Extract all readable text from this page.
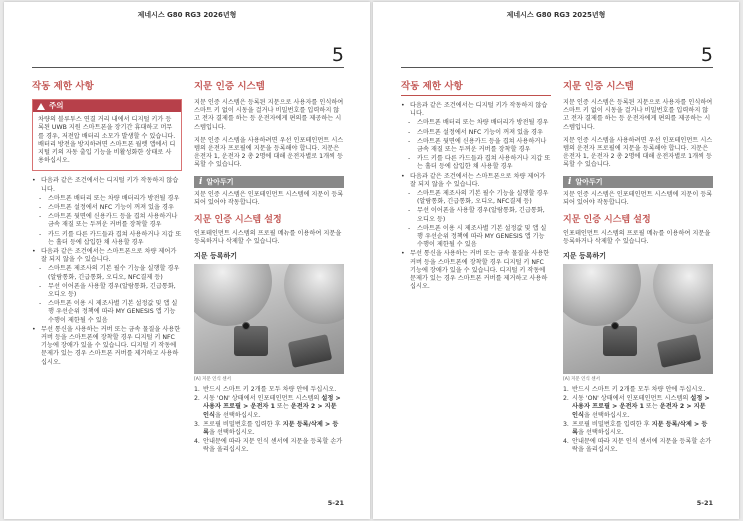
제네시스 G80 RG3 2026년형
5
작동 제한 사항
주의
차량의 블루투스 연결 거리 내에서 디지털 키가 등록된 UWB 지원 스마트폰을 장기간 휴대하고 머무를 경우, 저전압 배터리 소모가 발생할 수 있습니다. 배터리 방전을 방지하려면 스마트폰 월렛 앱에서 디지털 키의 자동 출입 기능을 비활성화한 상태로 사용하십시오.
• 다음과 같은 조건에서는 디지털 키가 작동하지 않습니다.
-	스마트폰 배터리 또는 차량 배터리가 방전될 경우
-	스마트폰 설정에서 NFC 기능이 꺼져 있을 경우
-	스마트폰 뒷면에 신용카드 등을 겹쳐 사용하거나 금속 재질 또는 두꺼운 커버를 장착할 경우
-	카드 키를 다른 카드들과 겹쳐 사용하거나 지갑 또는 홀더 등에 삽입한 채 사용할 경우
• 다음과 같은 조건에서는 스마트폰으로 차량 제어가 잘 되지 않을 수 있습니다.
-	스마트폰 제조사의 기본 필수 기능을 실행할 경우(알람통화, 긴급통화, 오디오, NFC결제 등)
-	무선 이어폰을 사용할 경우(알람통화, 긴급통화, 오디오 등)
-	스마트폰 이용 시 제조사별 기본 설정값 및 앱 실행 우선순위 정책에 따라 MY GENESIS 앱 기능 수행이 제한될 수 있음
• 무선 통신을 사용하는 커버 또는 금속 물질을 사용한 커버 등을 스마트폰에 장착할 경우 디지털 키 NFC 기능에 장애가 있을 수 있습니다. 디지털 키 작동에 문제가 있는 경우 스마트폰 커버를 제거하고 사용하십시오.
지문 인증 시스템

지문 인증 시스템은 등록된 지문으로 사용자를 인식하여 스마트 키 없이 시동을 걸거나 비밀번호를 입력하지 않고 전자 결제를 하는 등 운전자에게 편의를 제공하는 시스템입니다.

지문 인증 시스템을 사용하려면 우선 인포테인먼트 시스템의 운전자 프로필에 지문을 등록해야 합니다. 지문은 운전자 1, 운전자 2 총 2명에 대해 운전자별로 1개씩 등록할 수 있습니다.

i 알아두기

지문 인증 시스템은 인포테인먼트 시스템에 지문이 등록되어 있어야 작동합니다.

지문 인증 시스템 설정

인포테인먼트 시스템의 프로필 메뉴를 이용하여 지문을 등록하거나 삭제할 수 있습니다.

지문 등록하기
[A] 지문 인식 센서
1. 반드시 스마트 키 2개를 모두 차량 안에 두십시오.
2. 시동 'ON' 상태에서 인포테인먼트 시스템의 설정 > 사용자 프로필 > 운전자 1 또는 운전자 2 > 지문 인식을 선택하십시오.
3. 프로필 비밀번호를 입력한 후 지문 등록/삭제 > 등록을 선택하십시오.
4. 안내문에 따라 지문 인식 센서에 지문을 등록할 손가락을 올리십시오.
5-21
제네시스 G80 RG3 2025년형
5
작동 제한 사항
• 다음과 같은 조건에서는 디지털 키가 작동하지 않습니다.
-	스마트폰 배터리 또는 차량 배터리가 방전될 경우
-	스마트폰 설정에서 NFC 기능이 꺼져 있을 경우
-	스마트폰 뒷면에 신용카드 등을 겹쳐 사용하거나 금속 재질 또는 두꺼운 커버를 장착할 경우
-	카드 키를 다른 카드들과 겹쳐 사용하거나 지갑 또는 홀더 등에 삽입한 채 사용할 경우
• 다음과 같은 조건에서는 스마트폰으로 차량 제어가 잘 되지 않을 수 있습니다.
-	스마트폰 제조사의 기본 필수 기능을 실행할 경우(알람통화, 긴급통화, 오디오, NFC결제 등)
-	무선 이어폰을 사용할 경우(알람통화, 긴급통화, 오디오 등)
-	스마트폰 이용 시 제조사별 기본 설정값 및 앱 실행 우선순위 정책에 따라 MY GENESIS 앱 기능 수행이 제한될 수 있음
• 무선 통신을 사용하는 커버 또는 금속 물질을 사용한 커버 등을 스마트폰에 장착할 경우 디지털 키 NFC 기능에 장애가 있을 수 있습니다. 디지털 키 작동에 문제가 있는 경우 스마트폰 커버를 제거하고 사용하십시오.
지문 인증 시스템

지문 인증 시스템은 등록된 지문으로 사용자를 인식하여 스마트 키 없이 시동을 걸거나 비밀번호를 입력하지 않고 전자 결제를 하는 등 운전자에게 편의를 제공하는 시스템입니다.

지문 인증 시스템을 사용하려면 우선 인포테인먼트 시스템의 운전자 프로필에 지문을 등록해야 합니다. 지문은 운전자 1, 운전자 2 총 2명에 대해 운전자별로 1개씩 등록할 수 있습니다.

i 알아두기

지문 인증 시스템은 인포테인먼트 시스템에 지문이 등록되어 있어야 작동합니다.

지문 인증 시스템 설정

인포테인먼트 시스템의 프로필 메뉴를 이용하여 지문을 등록하거나 삭제할 수 있습니다.

지문 등록하기
[A] 지문 인식 센서
1. 반드시 스마트 키 2개를 모두 차량 안에 두십시오.
2. 시동 'ON' 상태에서 인포테인먼트 시스템의 설정 > 사용자 프로필 > 운전자 1 또는 운전자 2 > 지문 인식을 선택하십시오.
3. 프로필 비밀번호를 입력한 후 지문 등록/삭제 > 등록을 선택하십시오.
4. 안내문에 따라 지문 인식 센서에 지문을 등록할 손가락을 올리십시오.
5-21
